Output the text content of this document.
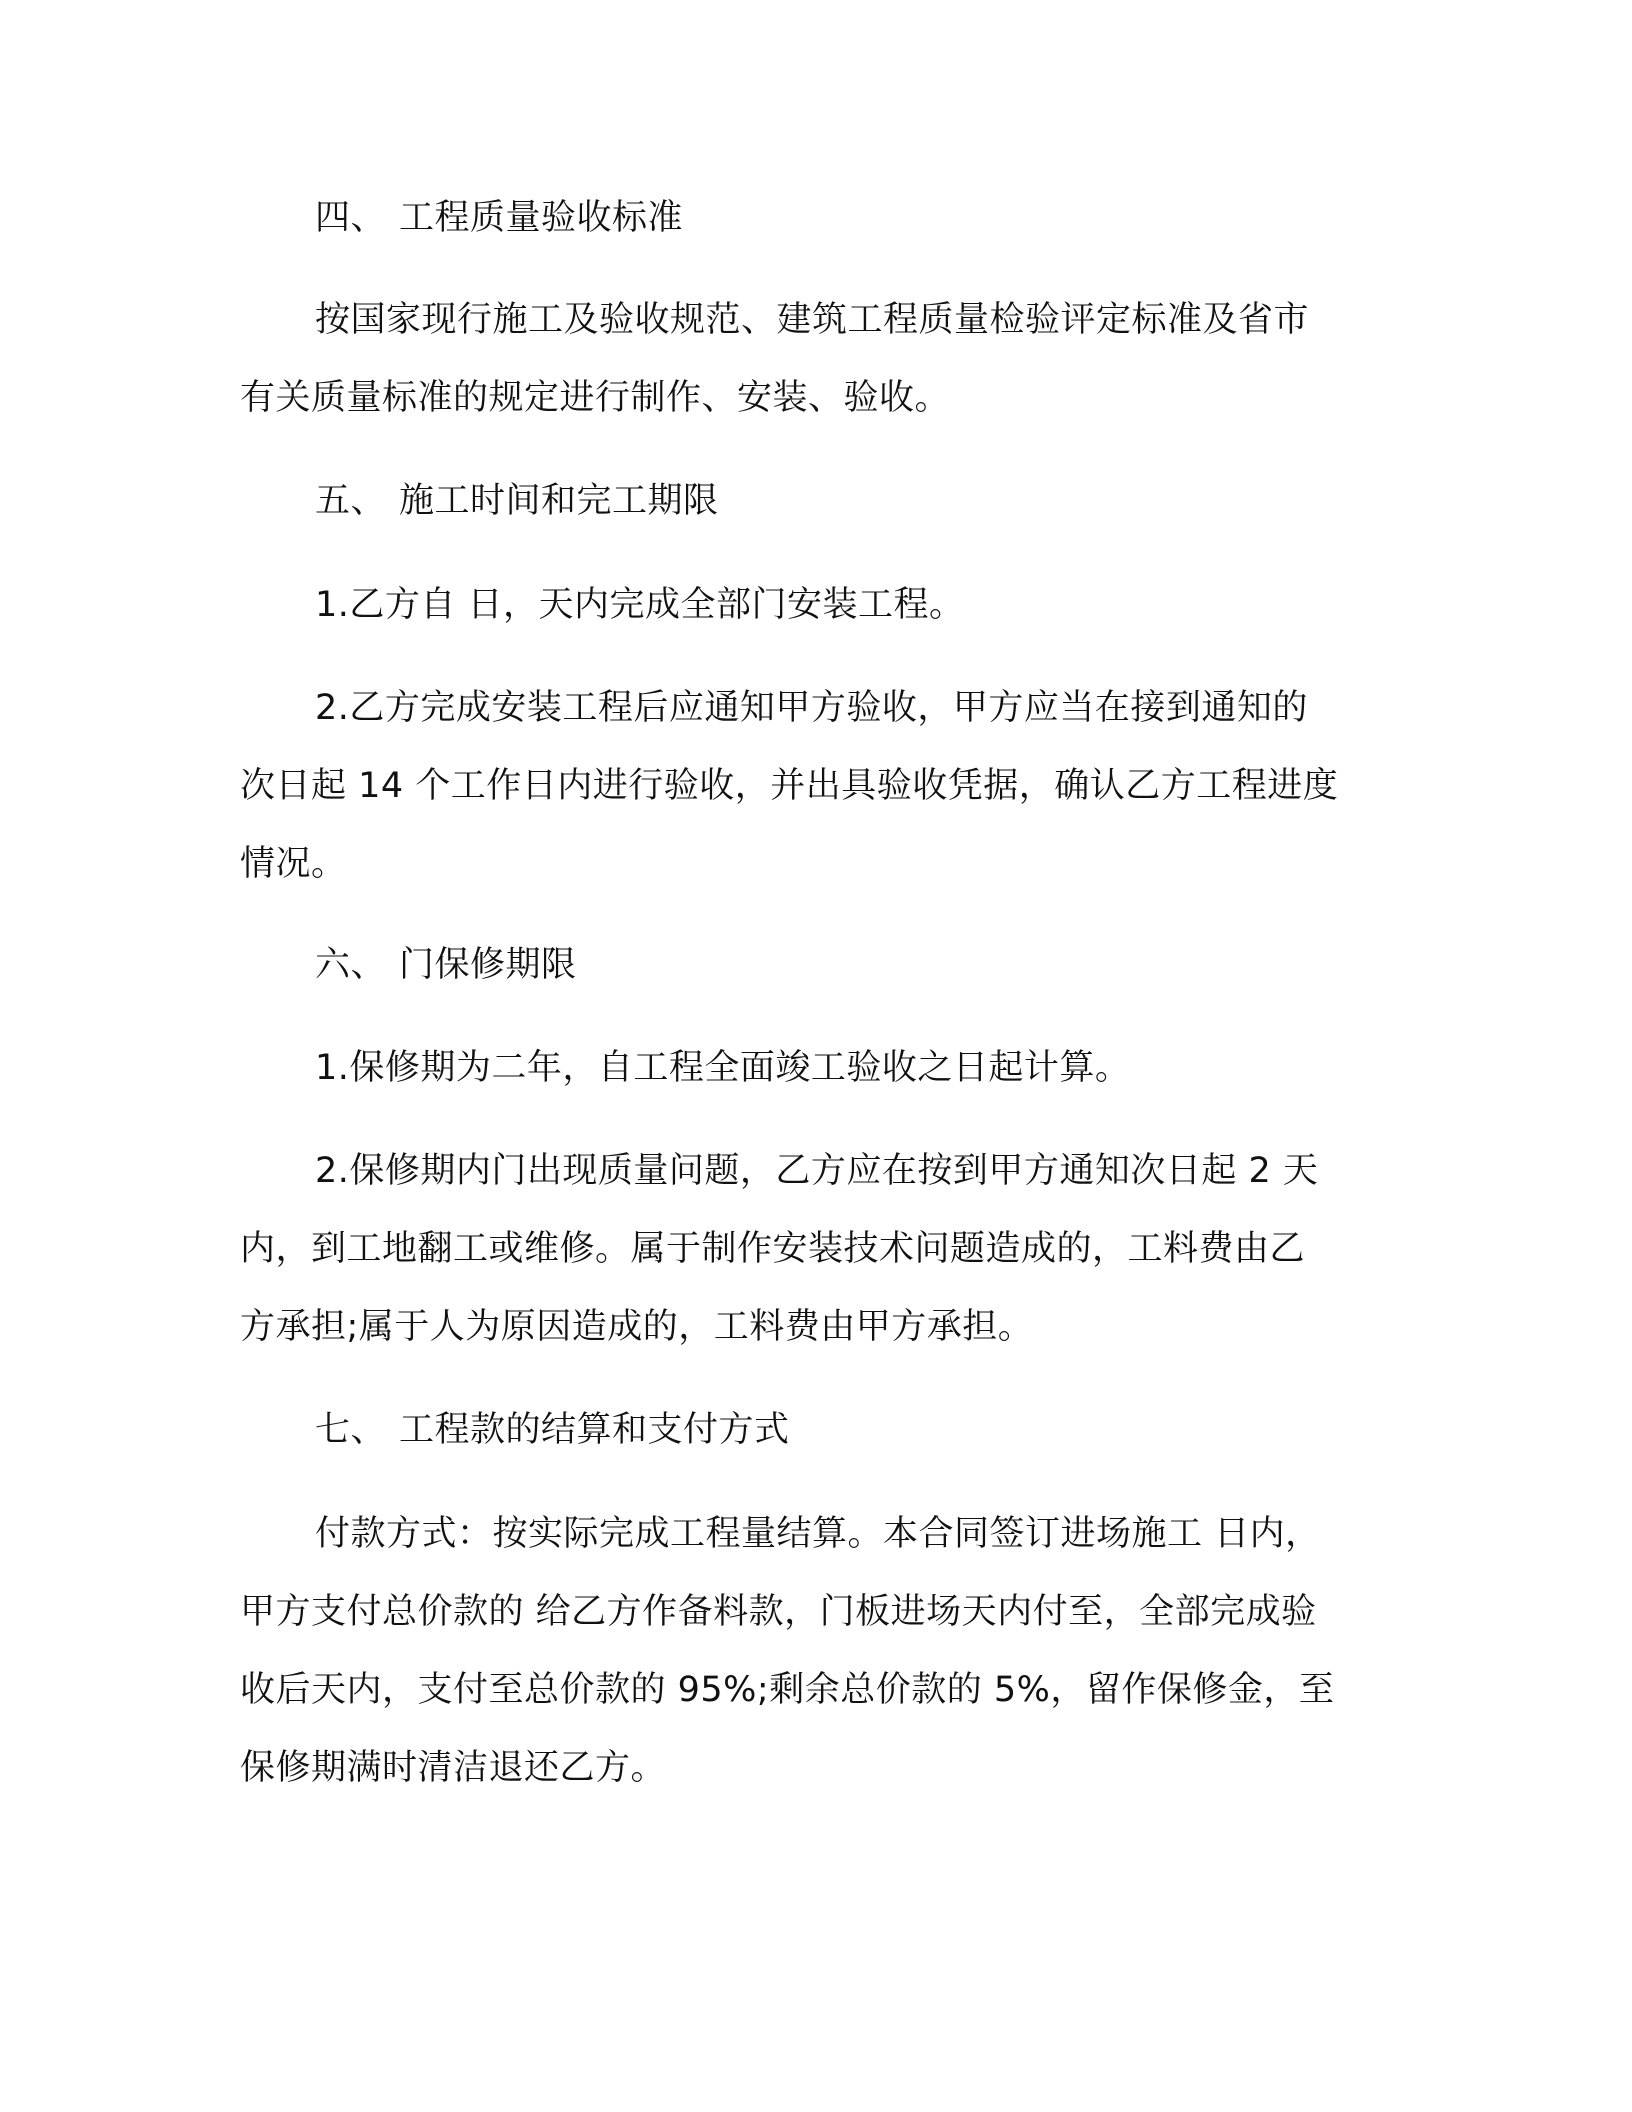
四、 工程质量验收标准
按国家现行施工及验收规范、建筑工程质量检验评定标准及省市
有关质量标准的规定进行制作、安装、验收。
五、 施工时间和完工期限
1.乙方自 日，天内完成全部门安装工程。
2.乙方完成安装工程后应通知甲方验收，甲方应当在接到通知的
次日起 14 个工作日内进行验收，并出具验收凭据，确认乙方工程进度
情况。
六、 门保修期限
1.保修期为二年，自工程全面竣工验收之日起计算。
2.保修期内门出现质量问题，乙方应在按到甲方通知次日起 2 天
内，到工地翻工或维修。属于制作安装技术问题造成的，工料费由乙
方承担;属于人为原因造成的，工料费由甲方承担。
七、 工程款的结算和支付方式
付款方式：按实际完成工程量结算。本合同签订进场施工 日内，
甲方支付总价款的 给乙方作备料款，门板进场天内付至，全部完成验
收后天内，支付至总价款的 95%;剩余总价款的 5%，留作保修金，至
保修期满时清洁退还乙方。
